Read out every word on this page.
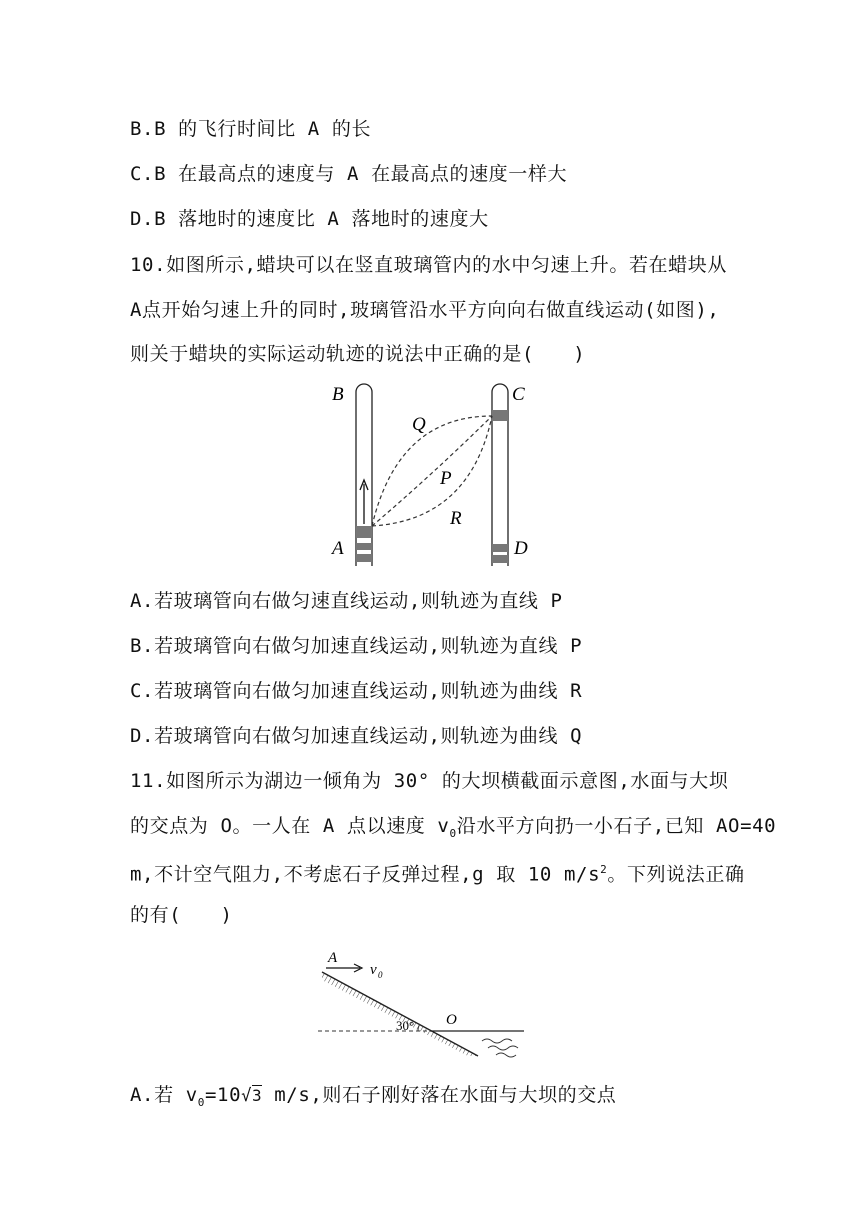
B.B 的飞行时间比 A 的长
C.B 在最高点的速度与 A 在最高点的速度一样大
D.B 落地时的速度比 A 落地时的速度大
10.如图所示,蜡块可以在竖直玻璃管内的水中匀速上升。若在蜡块从
A点开始匀速上升的同时,玻璃管沿水平方向向右做直线运动(如图),
则关于蜡块的实际运动轨迹的说法中正确的是(　　)
B	C
Q
P
R
A	D
A.若玻璃管向右做匀速直线运动,则轨迹为直线 P
B.若玻璃管向右做匀加速直线运动,则轨迹为直线 P
C.若玻璃管向右做匀加速直线运动,则轨迹为曲线 R
D.若玻璃管向右做匀加速直线运动,则轨迹为曲线 Q
11.如图所示为湖边一倾角为 30° 的大坝横截面示意图,水面与大坝
的交点为 O。一人在 A 点以速度 $v_0$沿水平方向扔一小石子,已知 AO=40
m,不计空气阻力,不考虑石子反弹过程,g 取 10 $m/s^2$。下列说法正确
的有(　　)
A
v 0
30° O
A.若 $v_0=10√3$ m/s,则石子刚好落在水面与大坝的交点
